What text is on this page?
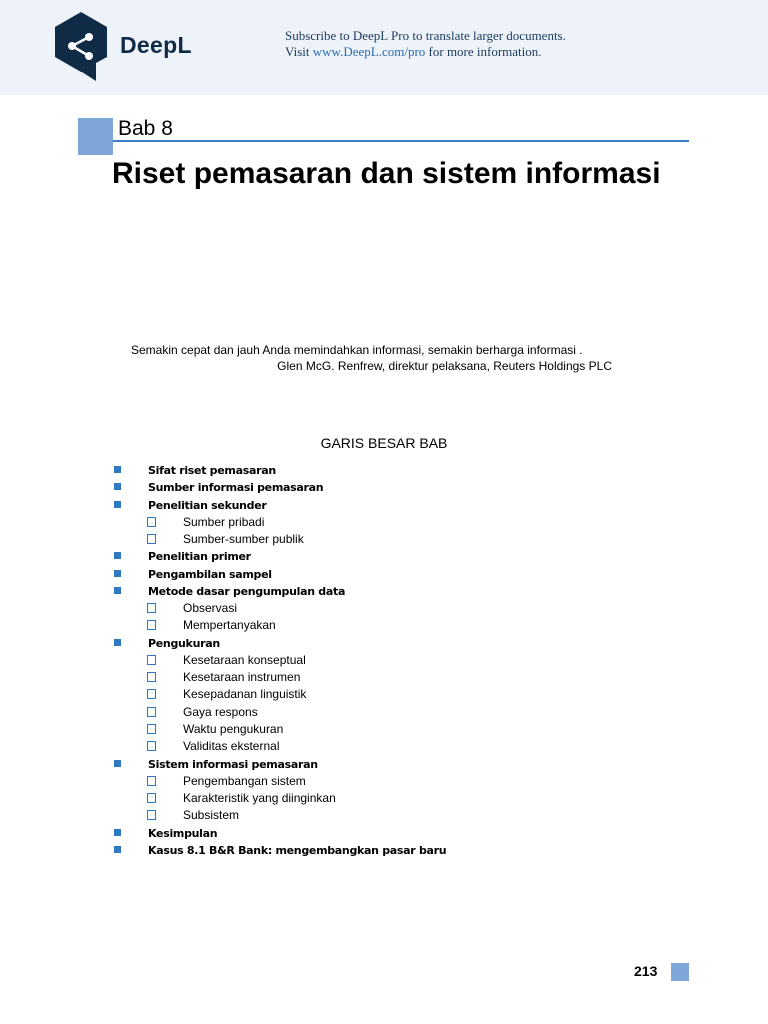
DeepL	Subscribe to DeepL Pro to translate larger documents.
Visit www.DeepL.com/pro for more information.
Bab 8
Riset pemasaran dan sistem informasi
Semakin cepat dan jauh Anda memindahkan informasi, semakin berharga informasi .
Glen McG. Renfrew, direktur pelaksana, Reuters Holdings PLC
GARIS BESAR BAB
Sifat riset pemasaran
Sumber informasi pemasaran
Penelitian sekunder
Sumber pribadi
Sumber-sumber publik
Penelitian primer
Pengambilan sampel
Metode dasar pengumpulan data
Observasi
Mempertanyakan
Pengukuran
Kesetaraan konseptual
Kesetaraan instrumen
Kesepadanan linguistik
Gaya respons
Waktu pengukuran
Validitas eksternal
Sistem informasi pemasaran
Pengembangan sistem
Karakteristik yang diinginkan
Subsistem
Kesimpulan
Kasus 8.1 B&R Bank: mengembangkan pasar baru
213
